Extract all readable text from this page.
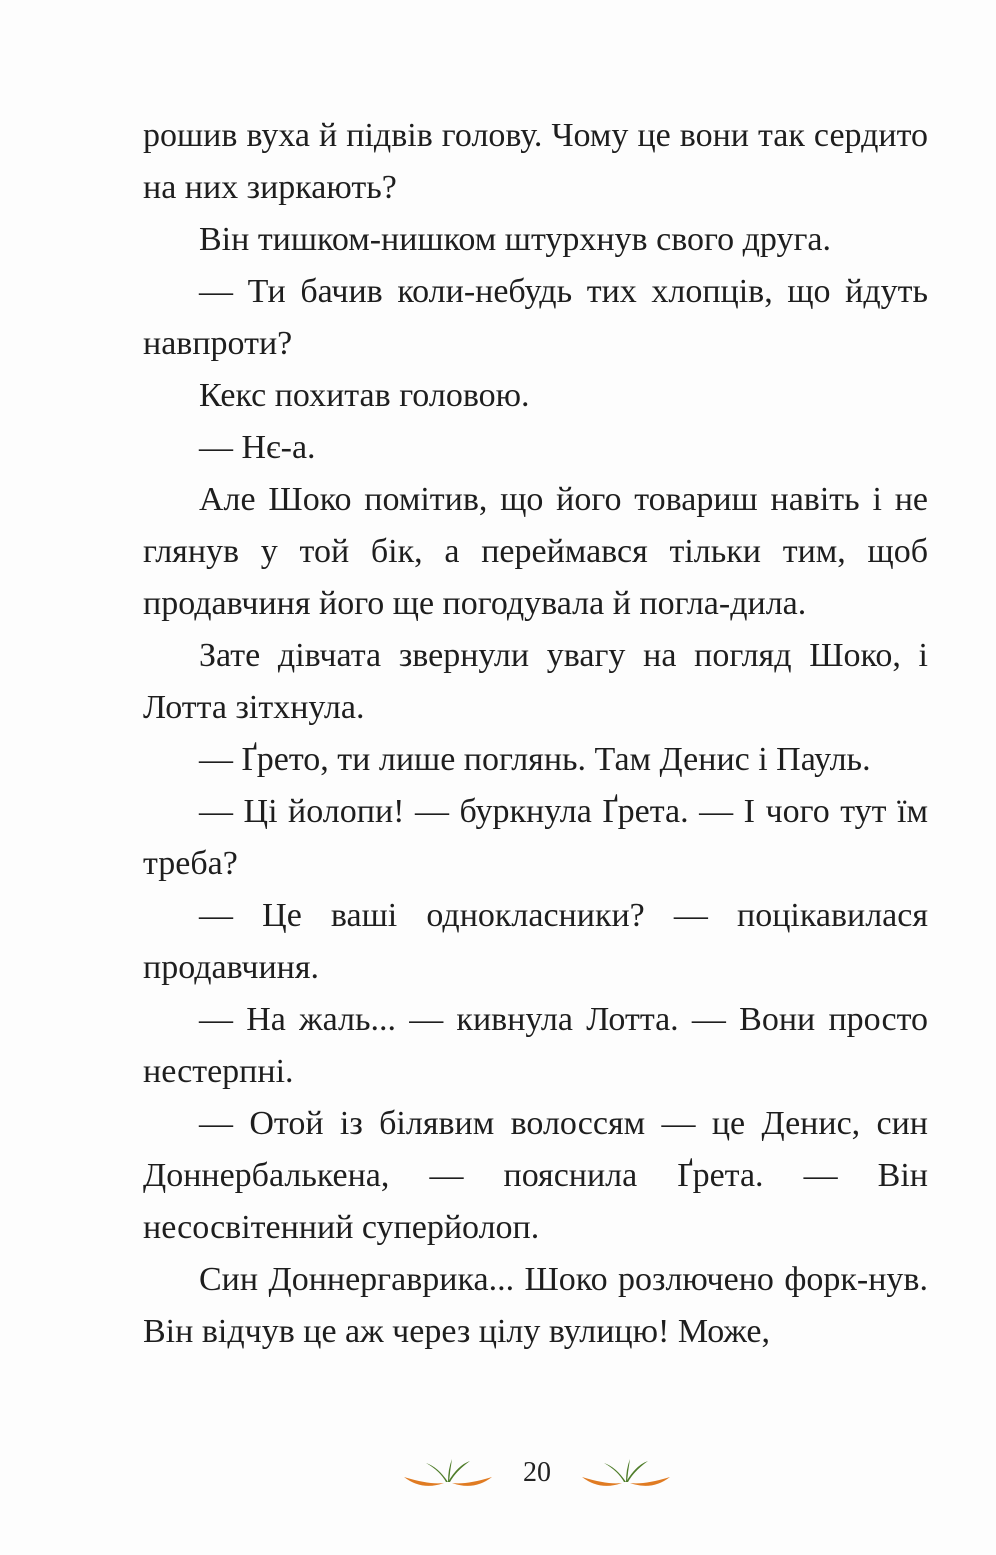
рошив вуха й підвів голову. Чому це вони так сердито на них зиркають?

Він тишком-нишком штурхнув свого друга.

— Ти бачив коли-небудь тих хлопців, що йдуть навпроти?

Кекс похитав головою.

— Нє-а.

Але Шоко помітив, що його товариш навіть і не глянув у той бік, а переймався тільки тим, щоб продавчиня його ще погодувала й погла-дила.

Зате дівчата звернули увагу на погляд Шоко, і Лотта зітхнула.

— Ґрето, ти лише поглянь. Там Денис і Пауль.

— Ці йолопи! — буркнула Ґрета. — І чого тут їм треба?

— Це ваші однокласники? — поцікавилася продавчиня.

— На жаль... — кивнула Лотта. — Вони просто нестерпні.

— Отой із білявим волоссям — це Денис, син Доннербалькена, — пояснила Ґрета. — Він несосвітенний суперйолоп.

Син Доннергаврика... Шоко розлючено форк-нув. Він відчув це аж через цілу вулицю! Може,

20
